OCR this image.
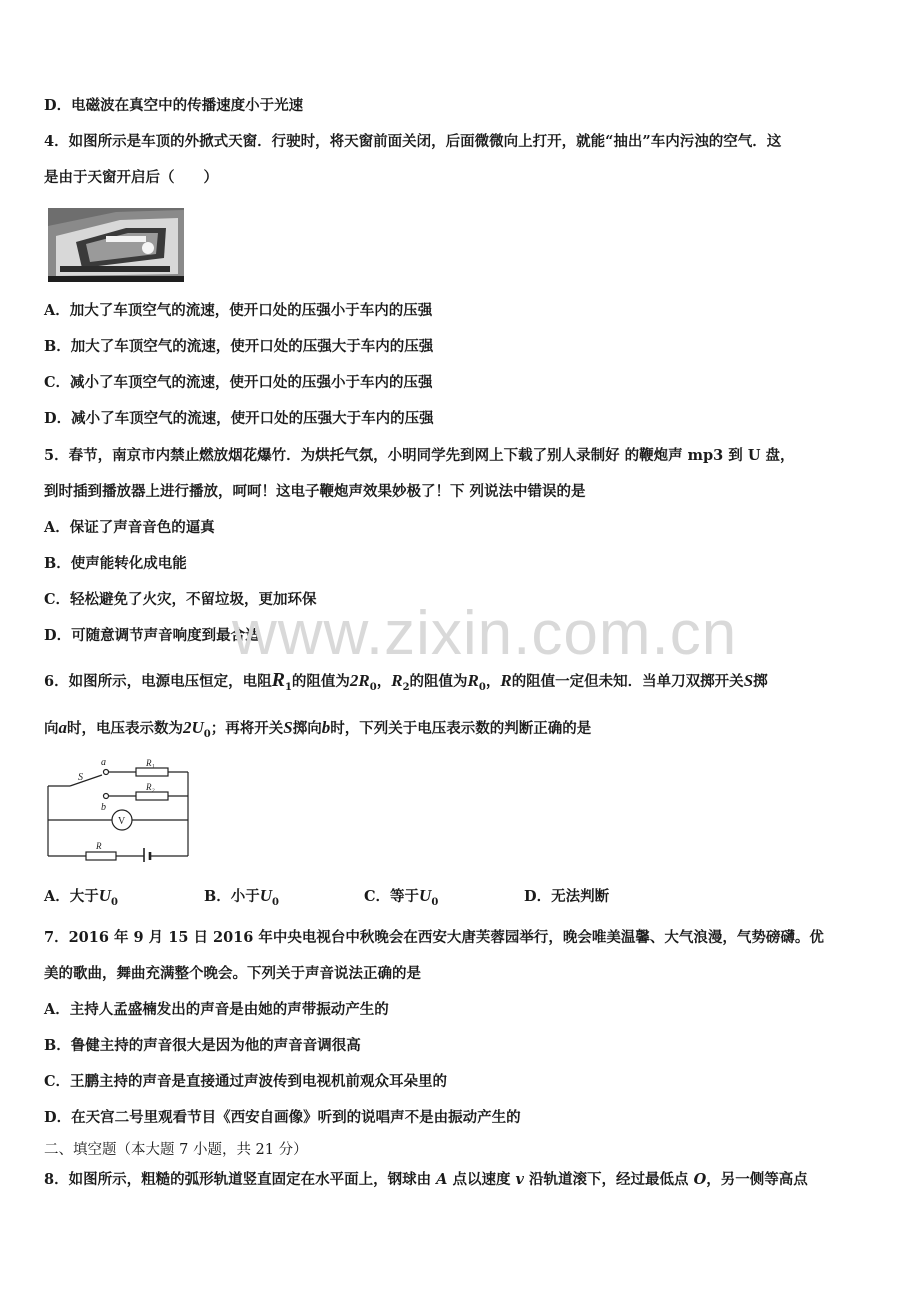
D．电磁波在真空中的传播速度小于光速
4．如图所示是车顶的外掀式天窗．行驶时，将天窗前面关闭，后面微微向上打开，就能“抽出”车内污浊的空气．这
是由于天窗开启后（　　）
A．加大了车顶空气的流速，使开口处的压强小于车内的压强
B．加大了车顶空气的流速，使开口处的压强大于车内的压强
C．减小了车顶空气的流速，使开口处的压强小于车内的压强
D．减小了车顶空气的流速，使开口处的压强大于车内的压强
5．春节，南京市内禁止燃放烟花爆竹．为烘托气氛，小明同学先到网上下载了别人录制好 的鞭炮声 mp3 到 U 盘，
到时插到播放器上进行播放，呵呵！这电子鞭炮声效果妙极了！下 列说法中错误的是
A．保证了声音音色的逼真
B．使声能转化成电能
C．轻松避免了火灾，不留垃圾，更加环保
D．可随意调节声音响度到最合适
www.zixin.com.cn
6．如图所示，电源电压恒定，电阻$R_1$的阻值为$2R_0$，$R_2$的阻值为$R_0$，R的阻值一定但未知．当单刀双掷开关S掷
向a时，电压表示数为$2U_0$；再将开关S掷向b时，下列关于电压表示数的判断正确的是
S
a
b
R₁
R₂
R
V
A．大于U0	B．小于U0	C．等于U0	D．无法判断
7．2016 年 9 月 15 日 2016 年中央电视台中秋晚会在西安大唐芙蓉园举行，晚会唯美温馨、大气浪漫，气势磅礴。优
美的歌曲，舞曲充满整个晚会。下列关于声音说法正确的是
A．主持人孟盛楠发出的声音是由她的声带振动产生的
B．鲁健主持的声音很大是因为他的声音音调很高
C．王鹏主持的声音是直接通过声波传到电视机前观众耳朵里的
D．在天宫二号里观看节目《西安自画像》听到的说唱声不是由振动产生的
二、填空题（本大题 7 小题，共 21 分）
8．如图所示，粗糙的弧形轨道竖直固定在水平面上，钢球由 A 点以速度 v 沿轨道滚下，经过最低点 O，另一侧等高点
